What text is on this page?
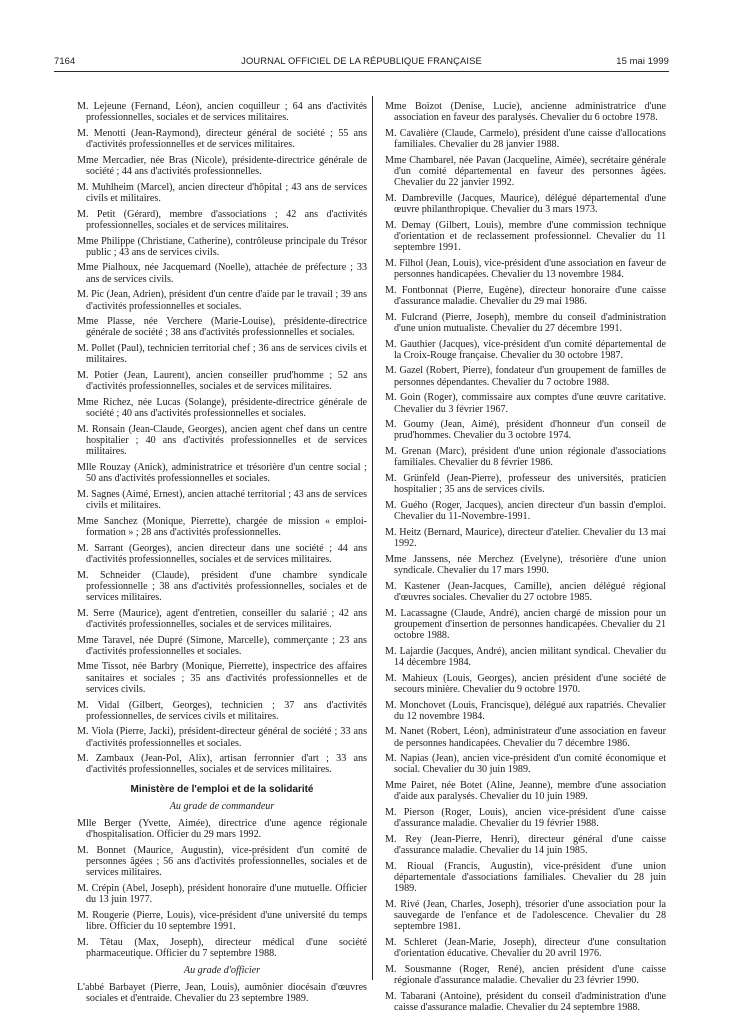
7164	JOURNAL OFFICIEL DE LA RÉPUBLIQUE FRANÇAISE	15 mai 1999

M. Lejeune (Fernand, Léon), ancien coquilleur ; 64 ans d'activités professionnelles, sociales et de services militaires.

M. Menotti (Jean-Raymond), directeur général de société ; 55 ans d'activités professionnelles et de services militaires.

Mme Mercadier, née Bras (Nicole), présidente-directrice générale de société ; 44 ans d'activités professionnelles.

M. Muhlheim (Marcel), ancien directeur d'hôpital ; 43 ans de services civils et militaires.

M. Petit (Gérard), membre d'associations ; 42 ans d'activités professionnelles, sociales et de services militaires.

Mme Philippe (Christiane, Catherine), contrôleuse principale du Trésor public ; 43 ans de services civils.

Mme Pialhoux, née Jacquemard (Noelle), attachée de préfecture ; 33 ans de services civils.

M. Pic (Jean, Adrien), président d'un centre d'aide par le travail ; 39 ans d'activités professionnelles et sociales.

Mme Plasse, née Verchere (Marie-Louise), présidente-directrice générale de société ; 38 ans d'activités professionnelles et sociales.

M. Pollet (Paul), technicien territorial chef ; 36 ans de services civils et militaires.

M. Potier (Jean, Laurent), ancien conseiller prud'homme ; 52 ans d'activités professionnelles, sociales et de services militaires.

Mme Richez, née Lucas (Solange), présidente-directrice générale de société ; 40 ans d'activités professionnelles et sociales.

M. Ronsain (Jean-Claude, Georges), ancien agent chef dans un centre hospitalier ; 40 ans d'activités professionnelles et de services militaires.

Mlle Rouzay (Anick), administratrice et trésorière d'un centre social ; 50 ans d'activités professionnelles et sociales.

M. Sagnes (Aimé, Ernest), ancien attaché territorial ; 43 ans de services civils et militaires.

Mme Sanchez (Monique, Pierrette), chargée de mission « emploi-formation » ; 28 ans d'activités professionnelles.

M. Sarrant (Georges), ancien directeur dans une société ; 44 ans d'activités professionnelles, sociales et de services militaires.

M. Schneider (Claude), président d'une chambre syndicale professionnelle ; 38 ans d'activités professionnelles, sociales et de services militaires.

M. Serre (Maurice), agent d'entretien, conseiller du salarié ; 42 ans d'activités professionnelles, sociales et de services militaires.

Mme Taravel, née Dupré (Simone, Marcelle), commerçante ; 23 ans d'activités professionnelles et sociales.

Mme Tissot, née Barbry (Monique, Pierrette), inspectrice des affaires sanitaires et sociales ; 35 ans d'activités professionnelles et de services civils.

M. Vidal (Gilbert, Georges), technicien ; 37 ans d'activités professionnelles, de services civils et militaires.

M. Viola (Pierre, Jacki), président-directeur général de société ; 33 ans d'activités professionnelles et sociales.

M. Zambaux (Jean-Pol, Alix), artisan ferronnier d'art ; 33 ans d'activités professionnelles, sociales et de services militaires.

Ministère de l'emploi et de la solidarité
Au grade de commandeur

Mlle Berger (Yvette, Aimée), directrice d'une agence régionale d'hospitalisation. Officier du 29 mars 1992.

M. Bonnet (Maurice, Augustin), vice-président d'un comité de personnes âgées ; 56 ans d'activités professionnelles, sociales et de services militaires.

M. Crépin (Abel, Joseph), président honoraire d'une mutuelle. Officier du 13 juin 1977.

M. Rougerie (Pierre, Louis), vice-président d'une université du temps libre. Officier du 10 septembre 1991.

M. Têtau (Max, Joseph), directeur médical d'une société pharmaceutique. Officier du 7 septembre 1988.

Au grade d'officier

L'abbé Barbayet (Pierre, Jean, Louis), aumônier diocésain d'œuvres sociales et d'entraide. Chevalier du 23 septembre 1989.

Mme Boizot (Denise, Lucie), ancienne administratrice d'une association en faveur des paralysés. Chevalier du 6 octobre 1978.

M. Cavalière (Claude, Carmelo), président d'une caisse d'allocations familiales. Chevalier du 28 janvier 1988.

Mme Chambarel, née Pavan (Jacqueline, Aimée), secrétaire générale d'un comité départemental en faveur des personnes âgées. Chevalier du 22 janvier 1992.

M. Dambreville (Jacques, Maurice), délégué départemental d'une œuvre philanthropique. Chevalier du 3 mars 1973.

M. Demay (Gilbert, Louis), membre d'une commission technique d'orientation et de reclassement professionnel. Chevalier du 11 septembre 1991.

M. Filhol (Jean, Louis), vice-président d'une association en faveur de personnes handicapées. Chevalier du 13 novembre 1984.

M. Fontbonnat (Pierre, Eugène), directeur honoraire d'une caisse d'assurance maladie. Chevalier du 29 mai 1986.

M. Fulcrand (Pierre, Joseph), membre du conseil d'administration d'une union mutualiste. Chevalier du 27 décembre 1991.

M. Gauthier (Jacques), vice-président d'un comité départemental de la Croix-Rouge française. Chevalier du 30 octobre 1987.

M. Gazel (Robert, Pierre), fondateur d'un groupement de familles de personnes dépendantes. Chevalier du 7 octobre 1988.

M. Goin (Roger), commissaire aux comptes d'une œuvre caritative. Chevalier du 3 février 1967.

M. Goumy (Jean, Aimé), président d'honneur d'un conseil de prud'hommes. Chevalier du 3 octobre 1974.

M. Grenan (Marc), président d'une union régionale d'associations familiales. Chevalier du 8 février 1986.

M. Grünfeld (Jean-Pierre), professeur des universités, praticien hospitalier ; 35 ans de services civils.

M. Guého (Roger, Jacques), ancien directeur d'un bassin d'emploi. Chevalier du 11-Novembre-1991.

M. Heitz (Bernard, Maurice), directeur d'atelier. Chevalier du 13 mai 1992.

Mme Janssens, née Merchez (Evelyne), trésorière d'une union syndicale. Chevalier du 17 mars 1990.

M. Kastener (Jean-Jacques, Camille), ancien délégué régional d'œuvres sociales. Chevalier du 27 octobre 1985.

M. Lacassagne (Claude, André), ancien chargé de mission pour un groupement d'insertion de personnes handicapées. Chevalier du 21 octobre 1988.

M. Lajardie (Jacques, André), ancien militant syndical. Chevalier du 14 décembre 1984.

M. Mahieux (Louis, Georges), ancien président d'une société de secours minière. Chevalier du 9 octobre 1970.

M. Monchovet (Louis, Francisque), délégué aux rapatriés. Chevalier du 12 novembre 1984.

M. Nanet (Robert, Léon), administrateur d'une association en faveur de personnes handicapées. Chevalier du 7 décembre 1986.

M. Napias (Jean), ancien vice-président d'un comité économique et social. Chevalier du 30 juin 1989.

Mme Pairet, née Botet (Aline, Jeanne), membre d'une association d'aide aux paralysés. Chevalier du 10 juin 1989.

M. Pierson (Roger, Louis), ancien vice-président d'une caisse d'assurance maladie. Chevalier du 19 février 1988.

M. Rey (Jean-Pierre, Henri), directeur général d'une caisse d'assurance maladie. Chevalier du 14 juin 1985.

M. Rioual (Francis, Augustin), vice-président d'une union départementale d'associations familiales. Chevalier du 28 juin 1989.

M. Rivé (Jean, Charles, Joseph), trésorier d'une association pour la sauvegarde de l'enfance et de l'adolescence. Chevalier du 28 septembre 1981.

M. Schleret (Jean-Marie, Joseph), directeur d'une consultation d'orientation éducative. Chevalier du 20 avril 1976.

M. Sousmanne (Roger, René), ancien président d'une caisse régionale d'assurance maladie. Chevalier du 23 février 1990.

M. Tabarani (Antoine), président du conseil d'administration d'une caisse d'assurance maladie. Chevalier du 24 septembre 1988.
